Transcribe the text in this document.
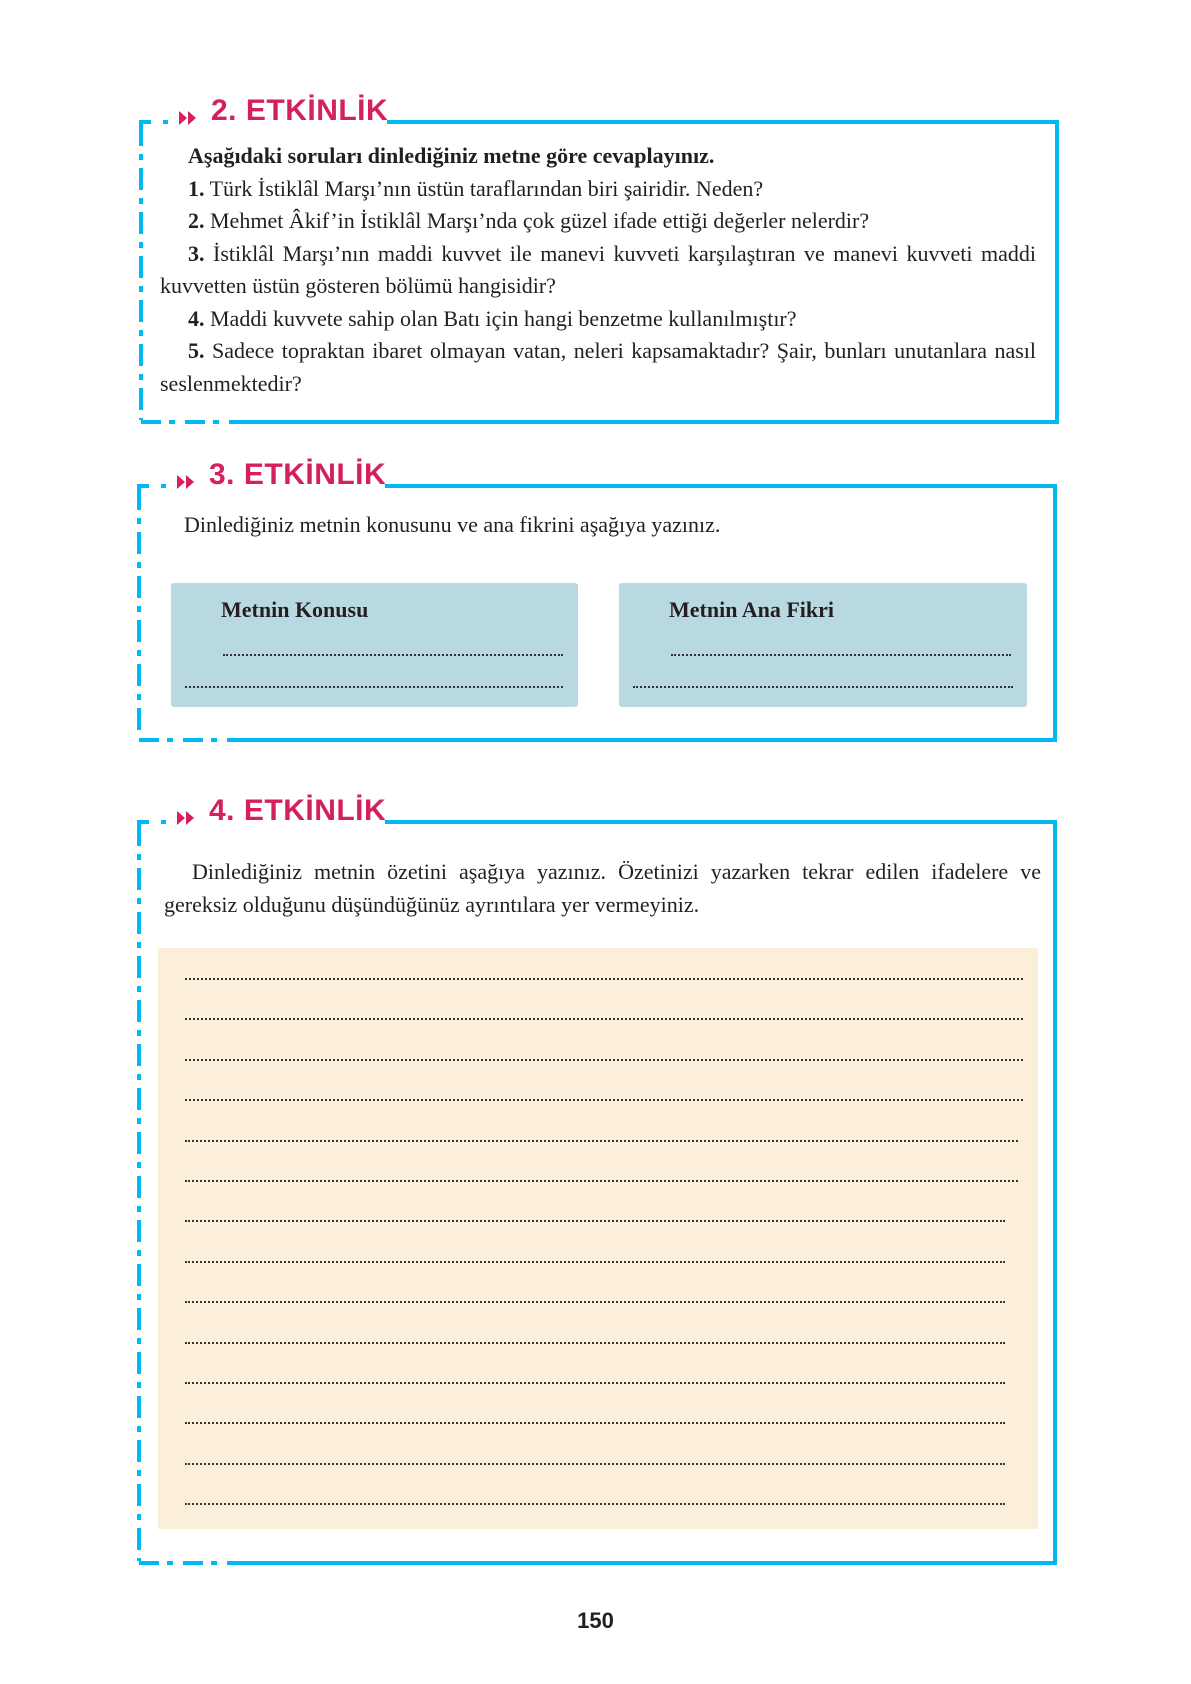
2. ETKİNLİK

Aşağıdaki soruları dinlediğiniz metne göre cevaplayınız.

1. Türk İstiklâl Marşı’nın üstün taraflarından biri şairidir. Neden?

2. Mehmet Âkif’in İstiklâl Marşı’nda çok güzel ifade ettiği değerler nelerdir?

3. İstiklâl Marşı’nın maddi kuvvet ile manevi kuvveti karşılaştıran ve manevi kuvveti maddi kuvvetten üstün gösteren bölümü hangisidir?

4. Maddi kuvvete sahip olan Batı için hangi benzetme kullanılmıştır?

5. Sadece topraktan ibaret olmayan vatan, neleri kapsamaktadır? Şair, bunları unutanlara nasıl seslenmektedir?

3. ETKİNLİK

Dinlediğiniz metnin konusunu ve ana fikrini aşağıya yazınız.

Metnin Konusu	Metnin Ana Fikri
4. ETKİNLİK

Dinlediğiniz metnin özetini aşağıya yazınız. Özetinizi yazarken tekrar edilen ifadelere ve gereksiz olduğunu düşündüğünüz ayrıntılara yer vermeyiniz.

150
